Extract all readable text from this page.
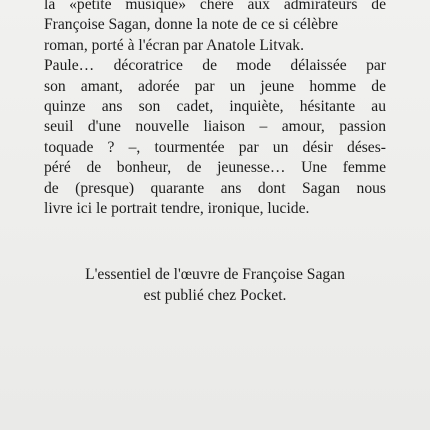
la «petite musique» chère aux admirateurs de
Françoise Sagan, donne la note de ce si célèbre
roman, porté à l'écran par Anatole Litvak.
Paule… décoratrice de mode délaissée par
son amant, adorée par un jeune homme de
quinze ans son cadet, inquiète, hésitante au
seuil d'une nouvelle liaison – amour, passion
toquade ? –, tourmentée par un désir déses-
péré de bonheur, de jeunesse… Une femme
de (presque) quarante ans dont Sagan nous
livre ici le portrait tendre, ironique, lucide.
L'essentiel de l'œuvre de Françoise Sagan
est publié chez Pocket.
